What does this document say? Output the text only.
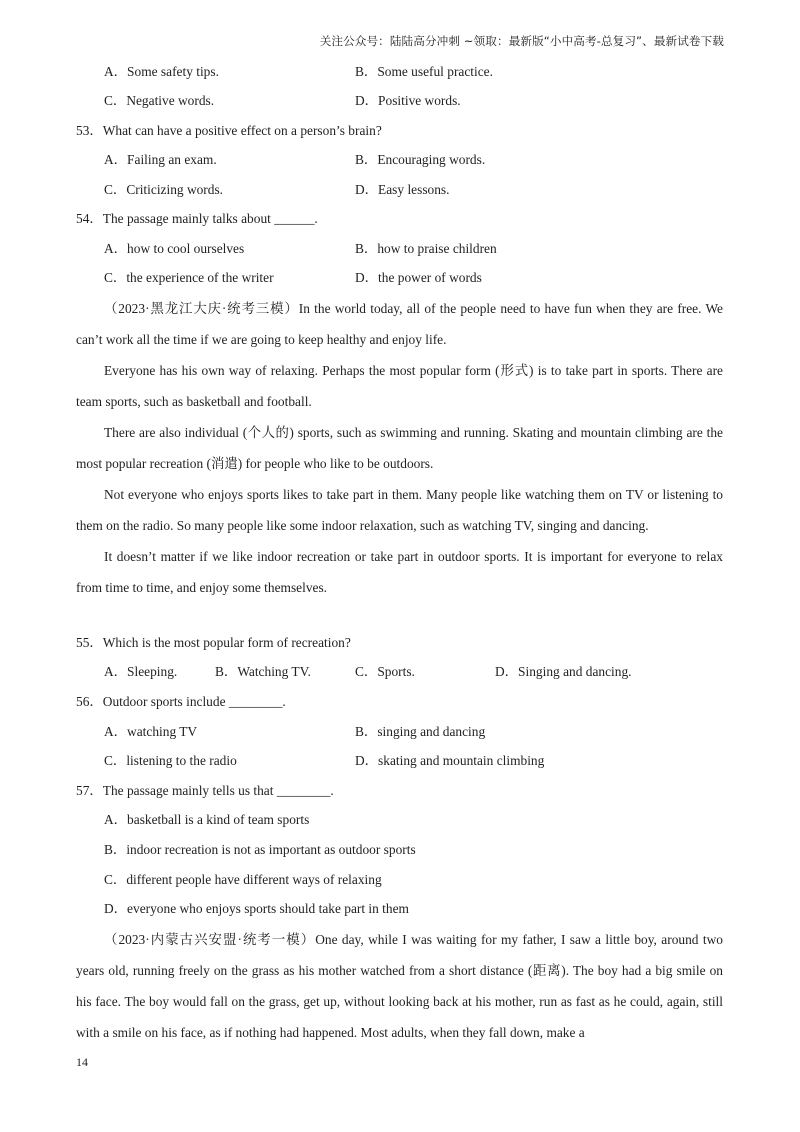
关注公众号：陆陆高分冲刺 ~领取：最新版“小中高考-总复习”、最新试卷下载
A．Some safety tips.	B．Some useful practice.
C．Negative words.	D．Positive words.
53．What can have a positive effect on a person’s brain?
A．Failing an exam.	B．Encouraging words.
C．Criticizing words.	D．Easy lessons.
54．The passage mainly talks about ______.
A．how to cool ourselves	B．how to praise children
C．the experience of the writer	D．the power of words

（2023·黑龙江大庆·统考三模）In the world today, all of the people need to have fun when they are free. We can’t work all the time if we are going to keep healthy and enjoy life.

Everyone has his own way of relaxing. Perhaps the most popular form (形式) is to take part in sports. There are team sports, such as basketball and football.

There are also individual (个人的) sports, such as swimming and running. Skating and mountain climbing are the most popular recreation (消遣) for people who like to be outdoors.

Not everyone who enjoys sports likes to take part in them. Many people like watching them on TV or listening to them on the radio. So many people like some indoor relaxation, such as watching TV, singing and dancing.

It doesn’t matter if we like indoor recreation or take part in outdoor sports. It is important for everyone to relax from time to time, and enjoy some themselves.

55．Which is the most popular form of recreation?
A．Sleeping.	B．Watching TV.	C．Sports.	D．Singing and dancing.
56．Outdoor sports include ________.
A．watching TV	B．singing and dancing
C．listening to the radio	D．skating and mountain climbing
57．The passage mainly tells us that ________.
A．basketball is a kind of team sports
B．indoor recreation is not as important as outdoor sports
C．different people have different ways of relaxing
D．everyone who enjoys sports should take part in them

（2023·内蒙古兴安盟·统考一模）One day, while I was waiting for my father, I saw a little boy, around two years old, running freely on the grass as his mother watched from a short distance (距离). The boy had a big smile on his face. The boy would fall on the grass, get up, without looking back at his mother, run as fast as he could, again, still with a smile on his face, as if nothing had happened. Most adults, when they fall down, make a

14
